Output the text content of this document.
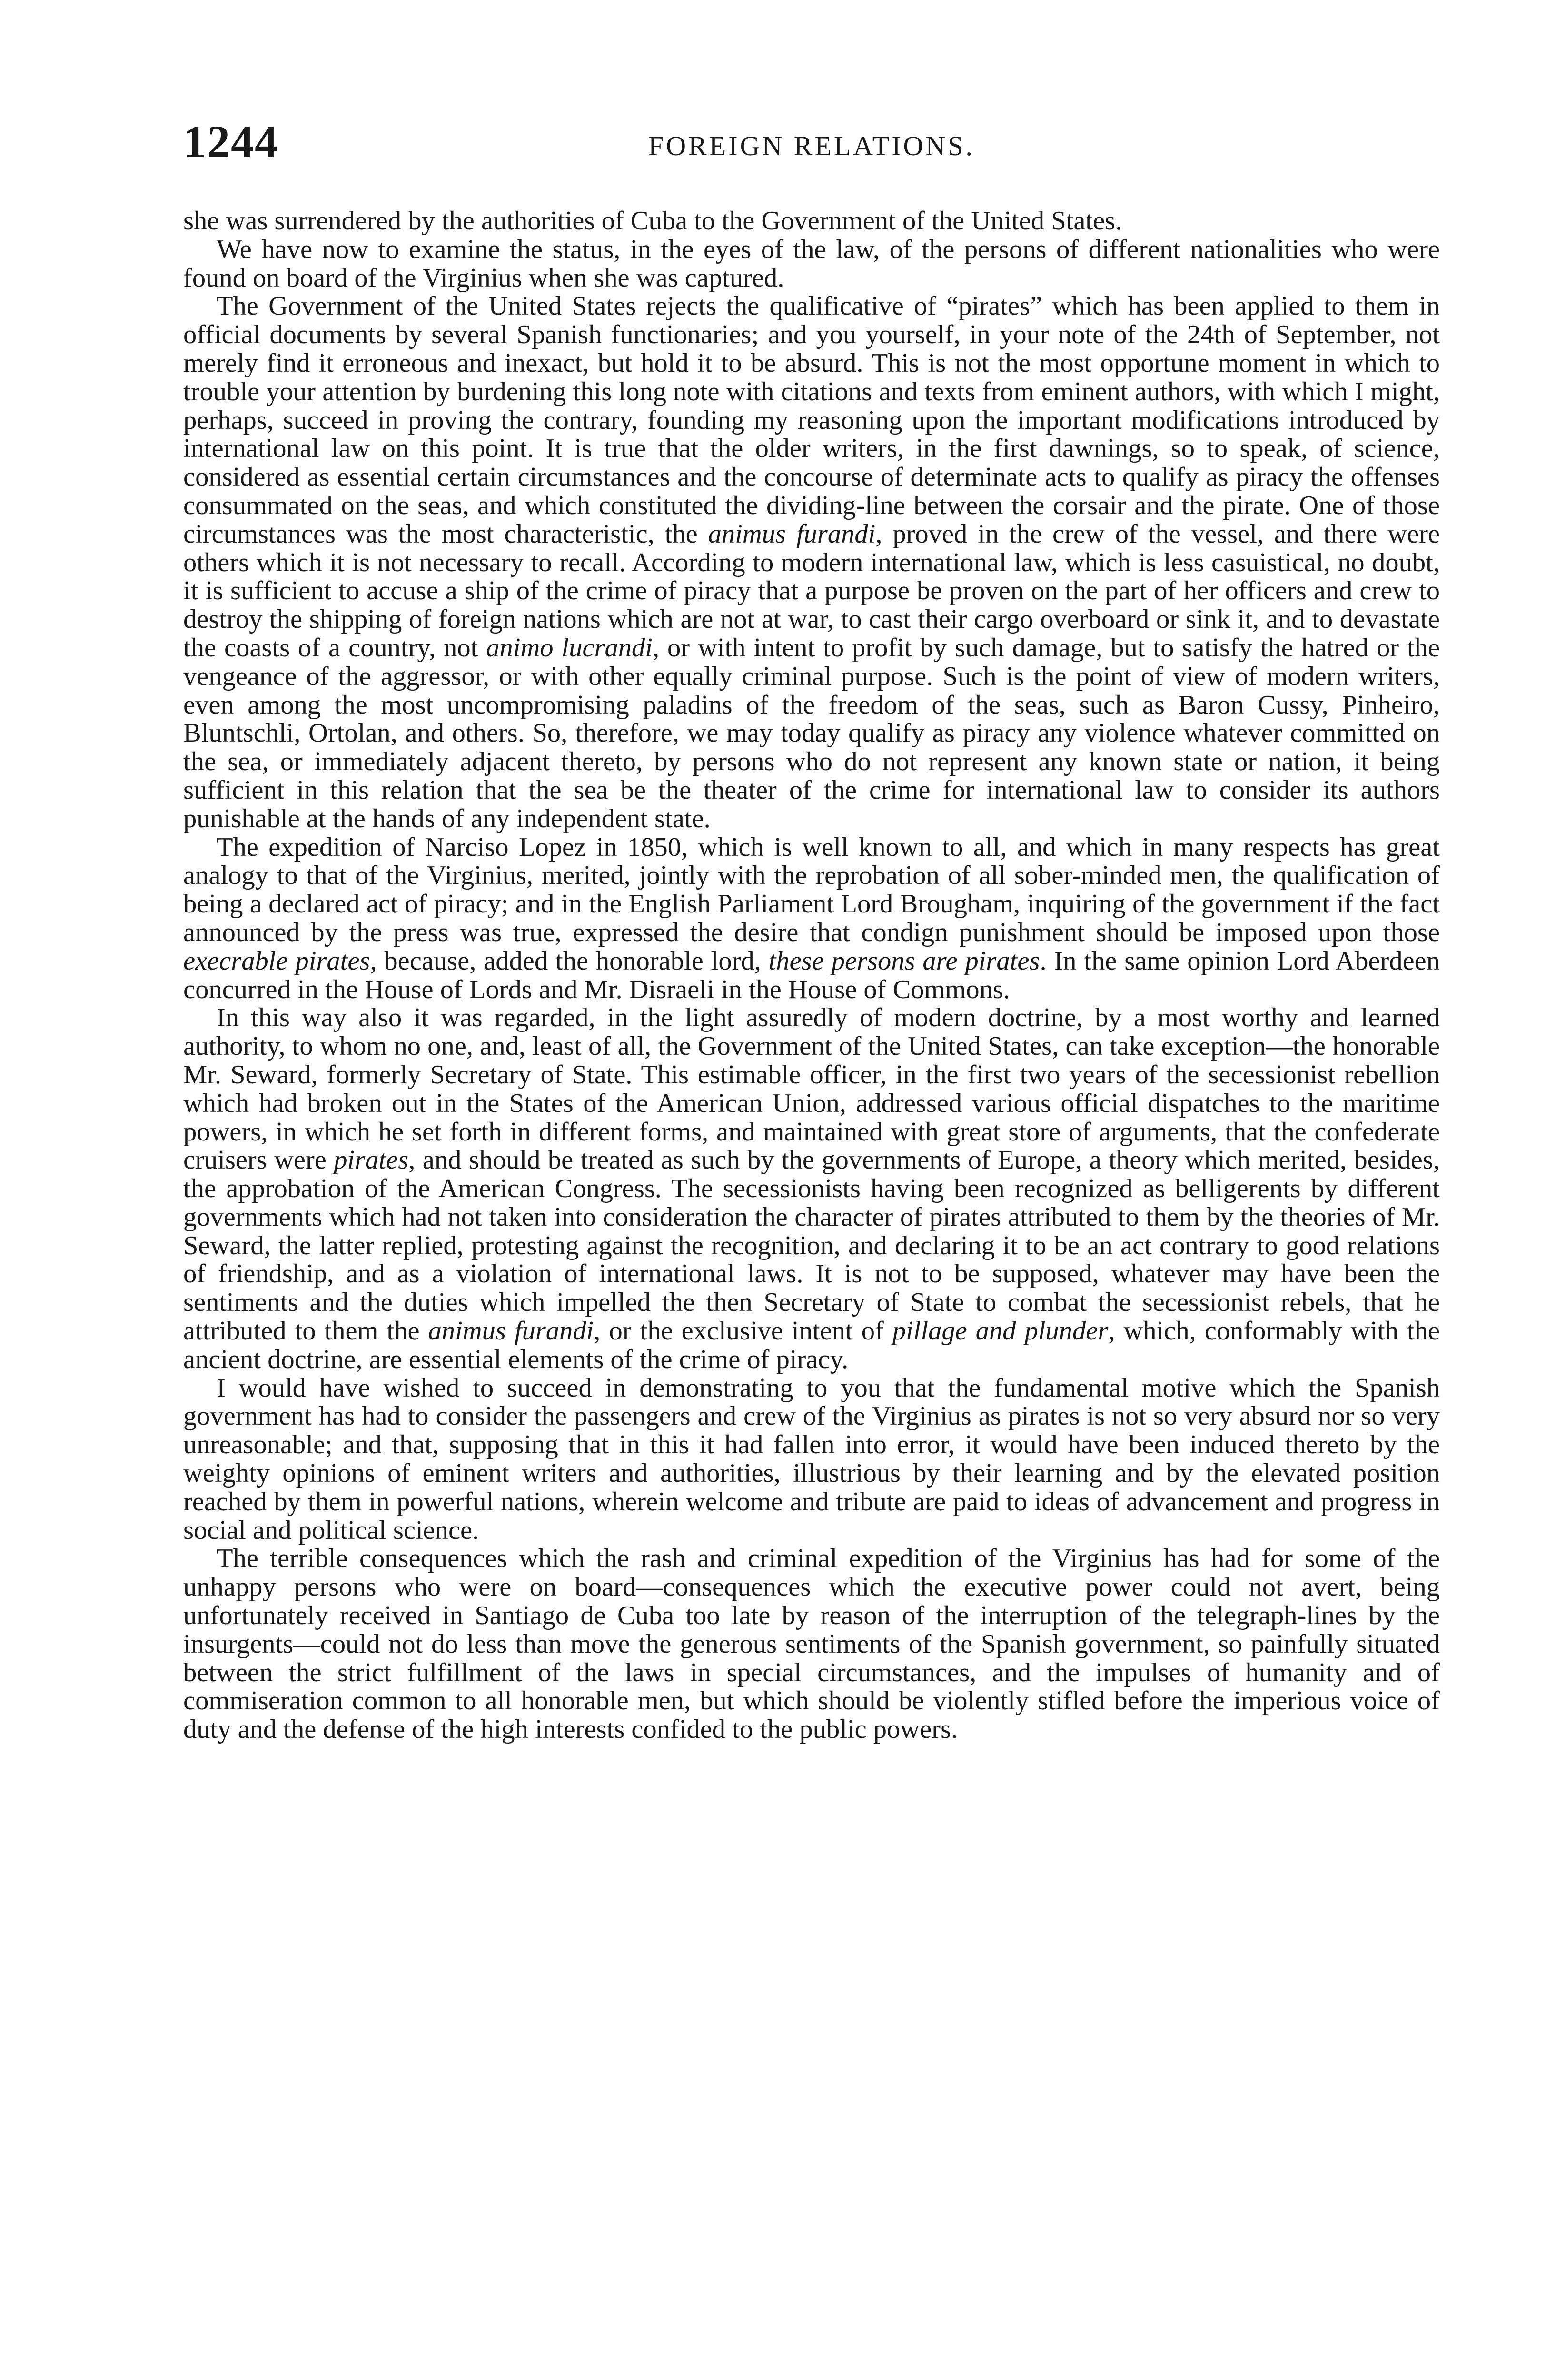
1244	FOREIGN RELATIONS.

she was surrendered by the authorities of Cuba to the Government of the United States.

We have now to examine the status, in the eyes of the law, of the persons of different nationalities who were found on board of the Virginius when she was captured.

The Government of the United States rejects the qualificative of “pirates” which has been applied to them in official documents by several Spanish functionaries; and you yourself, in your note of the 24th of September, not merely find it erroneous and inexact, but hold it to be absurd. This is not the most opportune moment in which to trouble your attention by burdening this long note with citations and texts from eminent authors, with which I might, perhaps, succeed in proving the contrary, founding my reasoning upon the important modifications introduced by international law on this point. It is true that the older writers, in the first dawnings, so to speak, of science, considered as essential certain circumstances and the concourse of determinate acts to qualify as piracy the offenses consummated on the seas, and which constituted the dividing-line between the corsair and the pirate. One of those circumstances was the most characteristic, the animus furandi, proved in the crew of the vessel, and there were others which it is not necessary to recall. According to modern international law, which is less casuistical, no doubt, it is sufficient to accuse a ship of the crime of piracy that a purpose be proven on the part of her officers and crew to destroy the shipping of foreign nations which are not at war, to cast their cargo overboard or sink it, and to devastate the coasts of a country, not animo lucrandi, or with intent to profit by such damage, but to satisfy the hatred or the vengeance of the aggressor, or with other equally criminal purpose. Such is the point of view of modern writers, even among the most uncompromising paladins of the freedom of the seas, such as Baron Cussy, Pinheiro, Bluntschli, Ortolan, and others. So, therefore, we may today qualify as piracy any violence whatever committed on the sea, or immediately adjacent thereto, by persons who do not represent any known state or nation, it being sufficient in this relation that the sea be the theater of the crime for international law to consider its authors punishable at the hands of any independent state.

The expedition of Narciso Lopez in 1850, which is well known to all, and which in many respects has great analogy to that of the Virginius, merited, jointly with the reprobation of all sober-minded men, the qualification of being a declared act of piracy; and in the English Parliament Lord Brougham, inquiring of the government if the fact announced by the press was true, expressed the desire that condign punishment should be imposed upon those execrable pirates, because, added the honorable lord, these persons are pirates. In the same opinion Lord Aberdeen concurred in the House of Lords and Mr. Disraeli in the House of Commons.

In this way also it was regarded, in the light assuredly of modern doctrine, by a most worthy and learned authority, to whom no one, and, least of all, the Government of the United States, can take exception—the honorable Mr. Seward, formerly Secretary of State. This estimable officer, in the first two years of the secessionist rebellion which had broken out in the States of the American Union, addressed various official dispatches to the maritime powers, in which he set forth in different forms, and maintained with great store of arguments, that the confederate cruisers were pirates, and should be treated as such by the governments of Europe, a theory which merited, besides, the approbation of the American Congress. The secessionists having been recognized as belligerents by different governments which had not taken into consideration the character of pirates attributed to them by the theories of Mr. Seward, the latter replied, protesting against the recognition, and declaring it to be an act contrary to good relations of friendship, and as a violation of international laws. It is not to be supposed, whatever may have been the sentiments and the duties which impelled the then Secretary of State to combat the secessionist rebels, that he attributed to them the animus furandi, or the exclusive intent of pillage and plunder, which, conformably with the ancient doctrine, are essential elements of the crime of piracy.

I would have wished to succeed in demonstrating to you that the fundamental motive which the Spanish government has had to consider the passengers and crew of the Virginius as pirates is not so very absurd nor so very unreasonable; and that, supposing that in this it had fallen into error, it would have been induced thereto by the weighty opinions of eminent writers and authorities, illustrious by their learning and by the elevated position reached by them in powerful nations, wherein welcome and tribute are paid to ideas of advancement and progress in social and political science.

The terrible consequences which the rash and criminal expedition of the Virginius has had for some of the unhappy persons who were on board—consequences which the executive power could not avert, being unfortunately received in Santiago de Cuba too late by reason of the interruption of the telegraph-lines by the insurgents—could not do less than move the generous sentiments of the Spanish government, so painfully situated between the strict fulfillment of the laws in special circumstances, and the impulses of humanity and of commiseration common to all honorable men, but which should be violently stifled before the imperious voice of duty and the defense of the high interests confided to the public powers.
